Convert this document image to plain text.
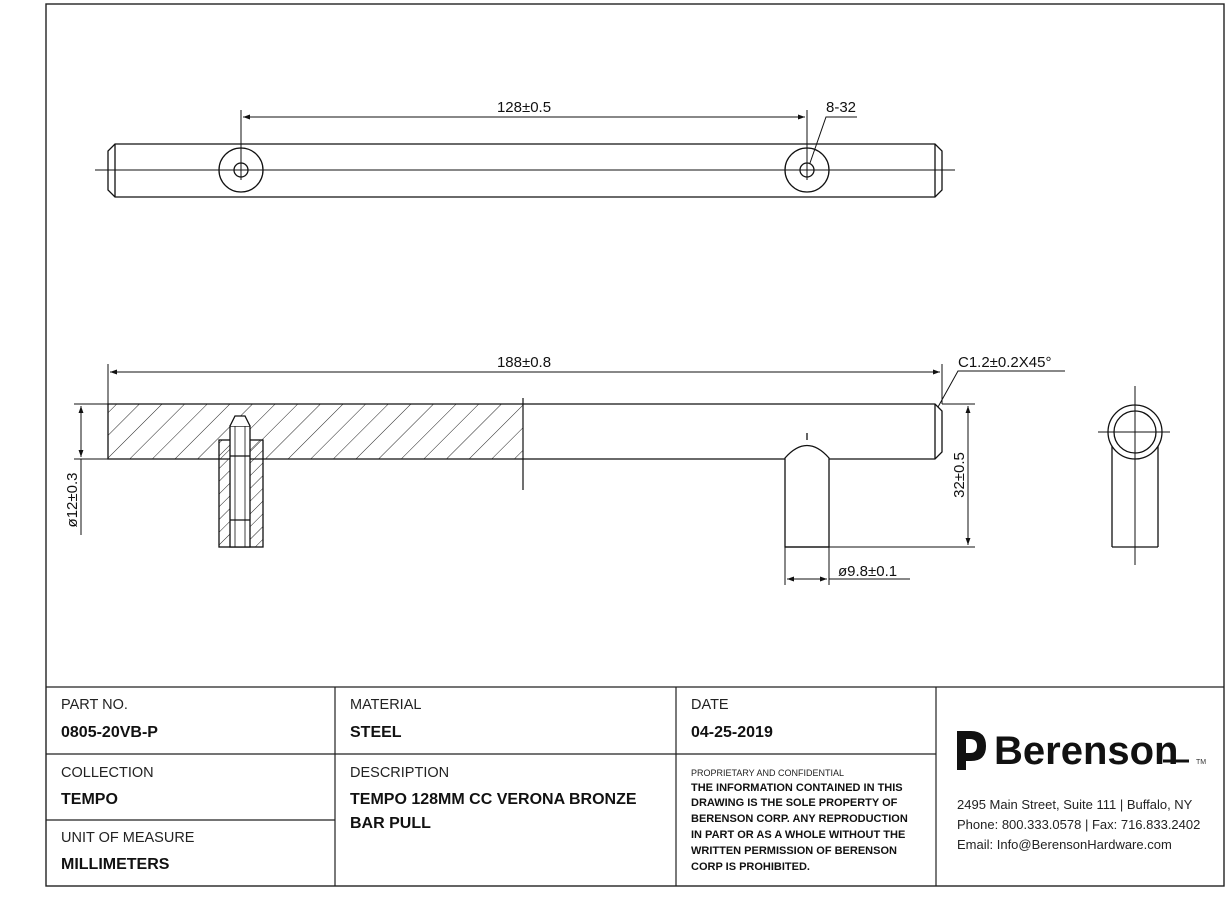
128±0.5	8-32
188±0.8	C1.2±0.2X45°
ø12±0.3	32±0.5
ø9.8±0.1
PART NO.
0805-20VB-P
MATERIAL
STEEL
DATE
04-25-2019
COLLECTION
TEMPO
UNIT OF MEASURE
MILLIMETERS
DESCRIPTION
TEMPO 128MM CC VERONA BRONZE
BAR PULL
PROPRIETARY AND CONFIDENTIAL
THE INFORMATION CONTAINED IN THIS
DRAWING IS THE SOLE PROPERTY OF
BERENSON CORP. ANY REPRODUCTION
IN PART OR AS A WHOLE WITHOUT THE
WRITTEN PERMISSION OF BERENSON
CORP IS PROHIBITED.
Berenson	TM
2495 Main Street, Suite 111 | Buffalo, NY
Phone: 800.333.0578 | Fax: 716.833.2402
Email: Info@BerensonHardware.com
